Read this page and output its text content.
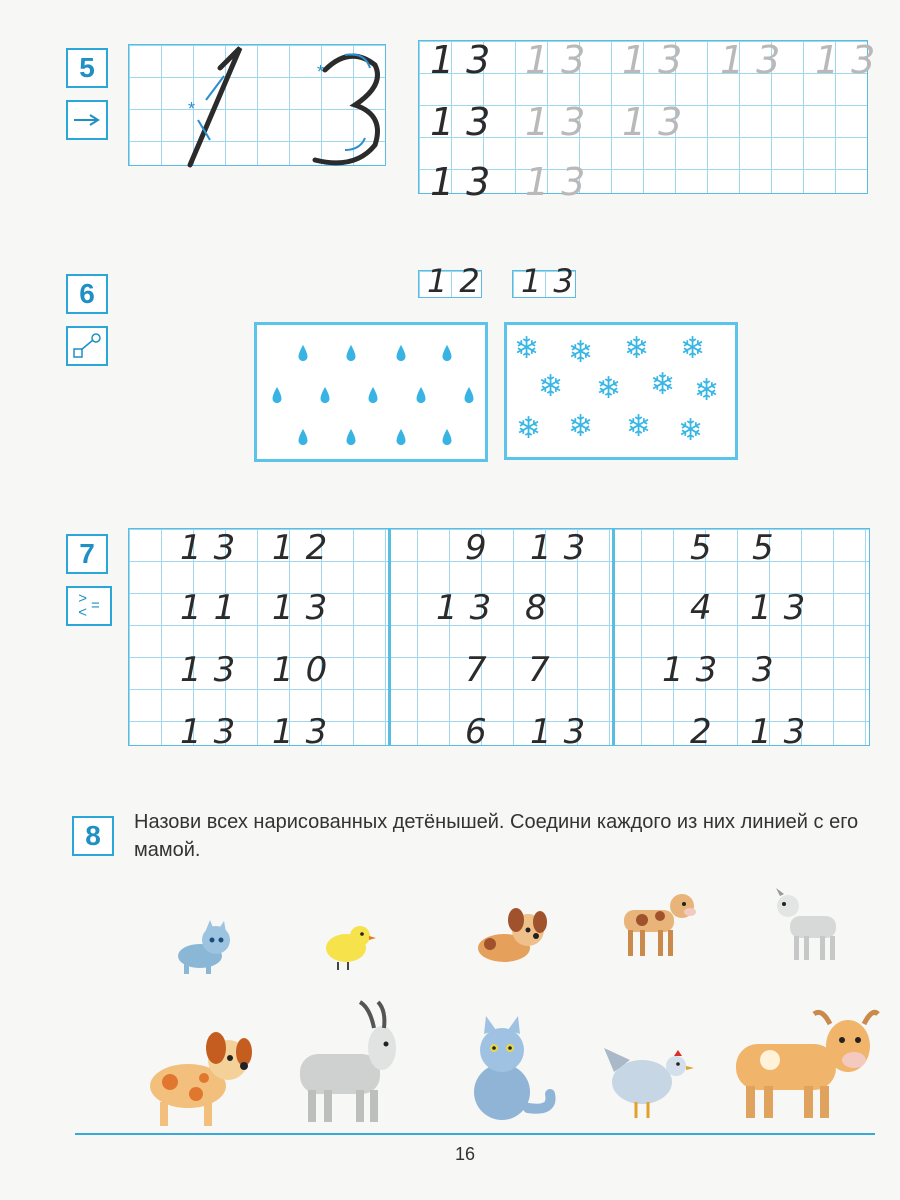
5
*
*	13 13 13 13 13
13 13 13
13 13
6	12 13
7
>
< =
13 12
11 13
13 10
13 13
9 13
13 8
7 7
6 13
5 5
4 13
13 3
2 13
8	Назови всех нарисованных детёнышей. Соедини каждого из них линией с его мамой.
16
❄ ❄ ❄ ❄
❄ ❄ ❄ ❄
❄ ❄ ❄ ❄
